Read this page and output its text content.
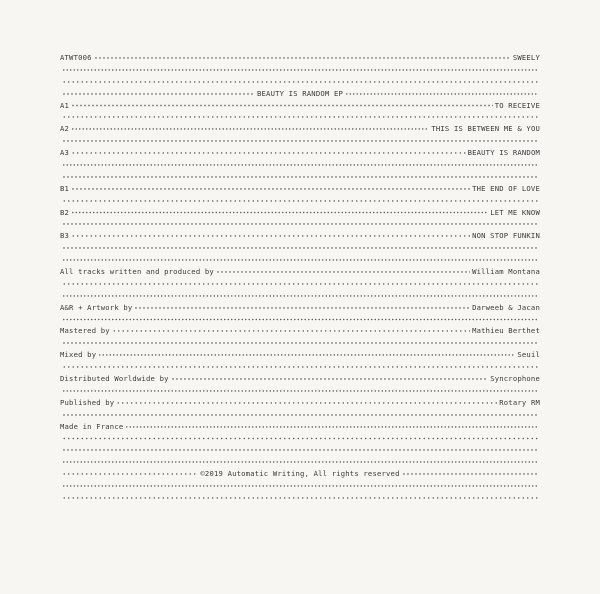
ATWT006	SWEELY
BEAUTY IS RANDOM EP
A1	TO RECEIVE
A2	THIS IS BETWEEN ME & YOU
A3	BEAUTY IS RANDOM
B1	THE END OF LOVE
B2	LET ME KNOW
B3	NON STOP FUNKIN
All tracks written and produced by	William Montana
A&R + Artwork by	Darweeb & Jacan
Mastered by	Mathieu Berthet
Mixed by	Seuil
Distributed Worldwide by	Syncrophone
Published by	Rotary RM
Made in France
©2019 Automatic Writing, All rights reserved
